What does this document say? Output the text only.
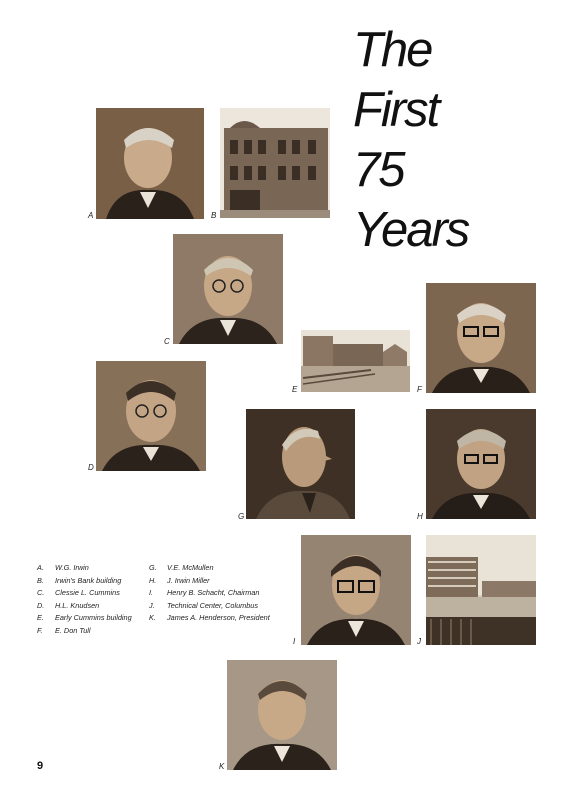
The
First
75
Years
A	B
C
F
E
D
G	H
I	J
K
A.	W.G. Irwin
B.	Irwin's Bank building
C.	Clessie L. Cummins
D.	H.L. Knudsen
E.	Early Cummins building
F.	E. Don Tull
G.	V.E. McMullen
H.	J. Irwin Miller
I.	Henry B. Schacht, Chairman
J.	Technical Center, Columbus
K.	James A. Henderson, President
9
